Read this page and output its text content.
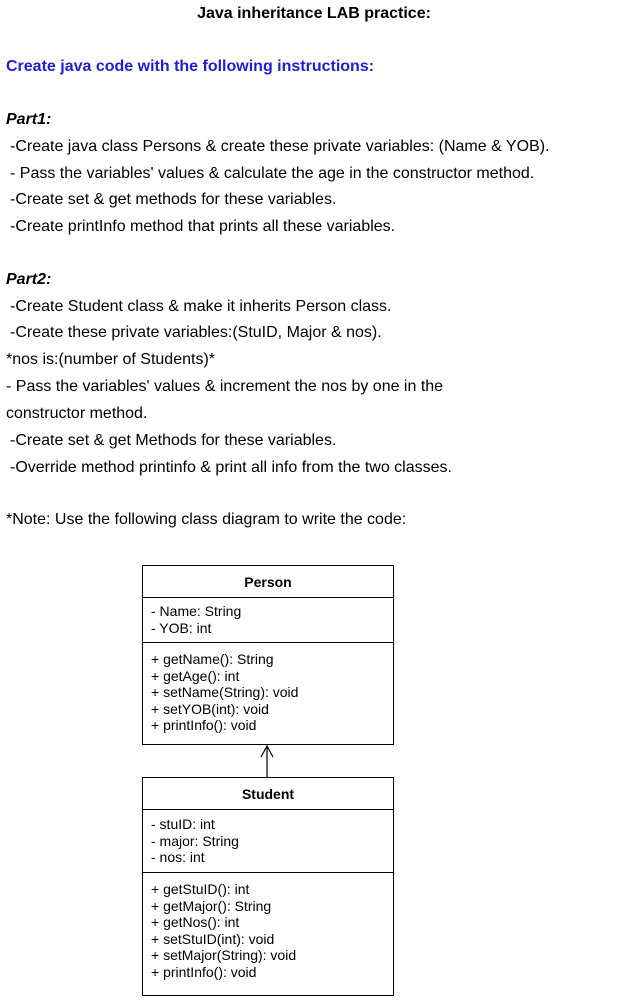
Java inheritance LAB practice:
Create java code with the following instructions:
Part1:
-Create java class Persons & create these private variables: (Name & YOB).
- Pass the variables' values & calculate the age in the constructor method.
-Create set & get methods for these variables.
-Create printInfo method that prints all these variables.
Part2:
-Create Student class & make it inherits Person class.
-Create these private variables:(StuID, Major & nos).
*nos is:(number of Students)*
- Pass the variables' values & increment the nos by one in the
constructor method.
-Create set & get Methods for these variables.
-Override method printinfo & print all info from the two classes.
*Note: Use the following class diagram to write the code:
Person
- Name: String
- YOB: int
+ getName(): String
+ getAge(): int
+ setName(String): void
+ setYOB(int): void
+ printInfo(): void
Student
- stuID: int
- major: String
- nos: int
+ getStuID(): int
+ getMajor(): String
+ getNos(): int
+ setStuID(int): void
+ setMajor(String): void
+ printInfo(): void
